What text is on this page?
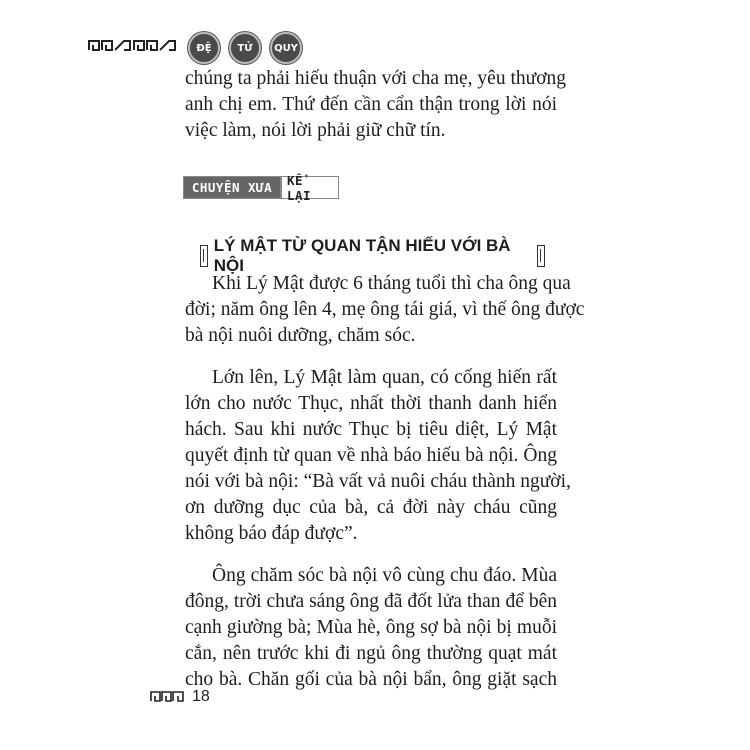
ĐỆ	TỬ	QUY
chúng ta phải hiếu thuận với cha mẹ, yêu thương
anh chị em. Thứ đến cần cẩn thận trong lời nói
việc làm, nói lời phải giữ chữ tín.
CHUYỆN XƯA	KỂ LẠI
LÝ MẬT TỪ QUAN TẬN HIẾU VỚI BÀ NỘI
Khi Lý Mật được 6 tháng tuổi thì cha ông qua
đời; năm ông lên 4, mẹ ông tái giá, vì thế ông được
bà nội nuôi dưỡng, chăm sóc.
Lớn lên, Lý Mật làm quan, có cống hiến rất
lớn cho nước Thục, nhất thời thanh danh hiển
hách. Sau khi nước Thục bị tiêu diệt, Lý Mật
quyết định từ quan về nhà báo hiếu bà nội. Ông
nói với bà nội: “Bà vất vả nuôi cháu thành người,
ơn dưỡng dục của bà, cả đời này cháu cũng
không báo đáp được”.
Ông chăm sóc bà nội vô cùng chu đáo. Mùa
đông, trời chưa sáng ông đã đốt lửa than để bên
cạnh giường bà; Mùa hè, ông sợ bà nội bị muỗi
cắn, nên trước khi đi ngủ ông thường quạt mát
cho bà. Chăn gối của bà nội bẩn, ông giặt sạch
18
